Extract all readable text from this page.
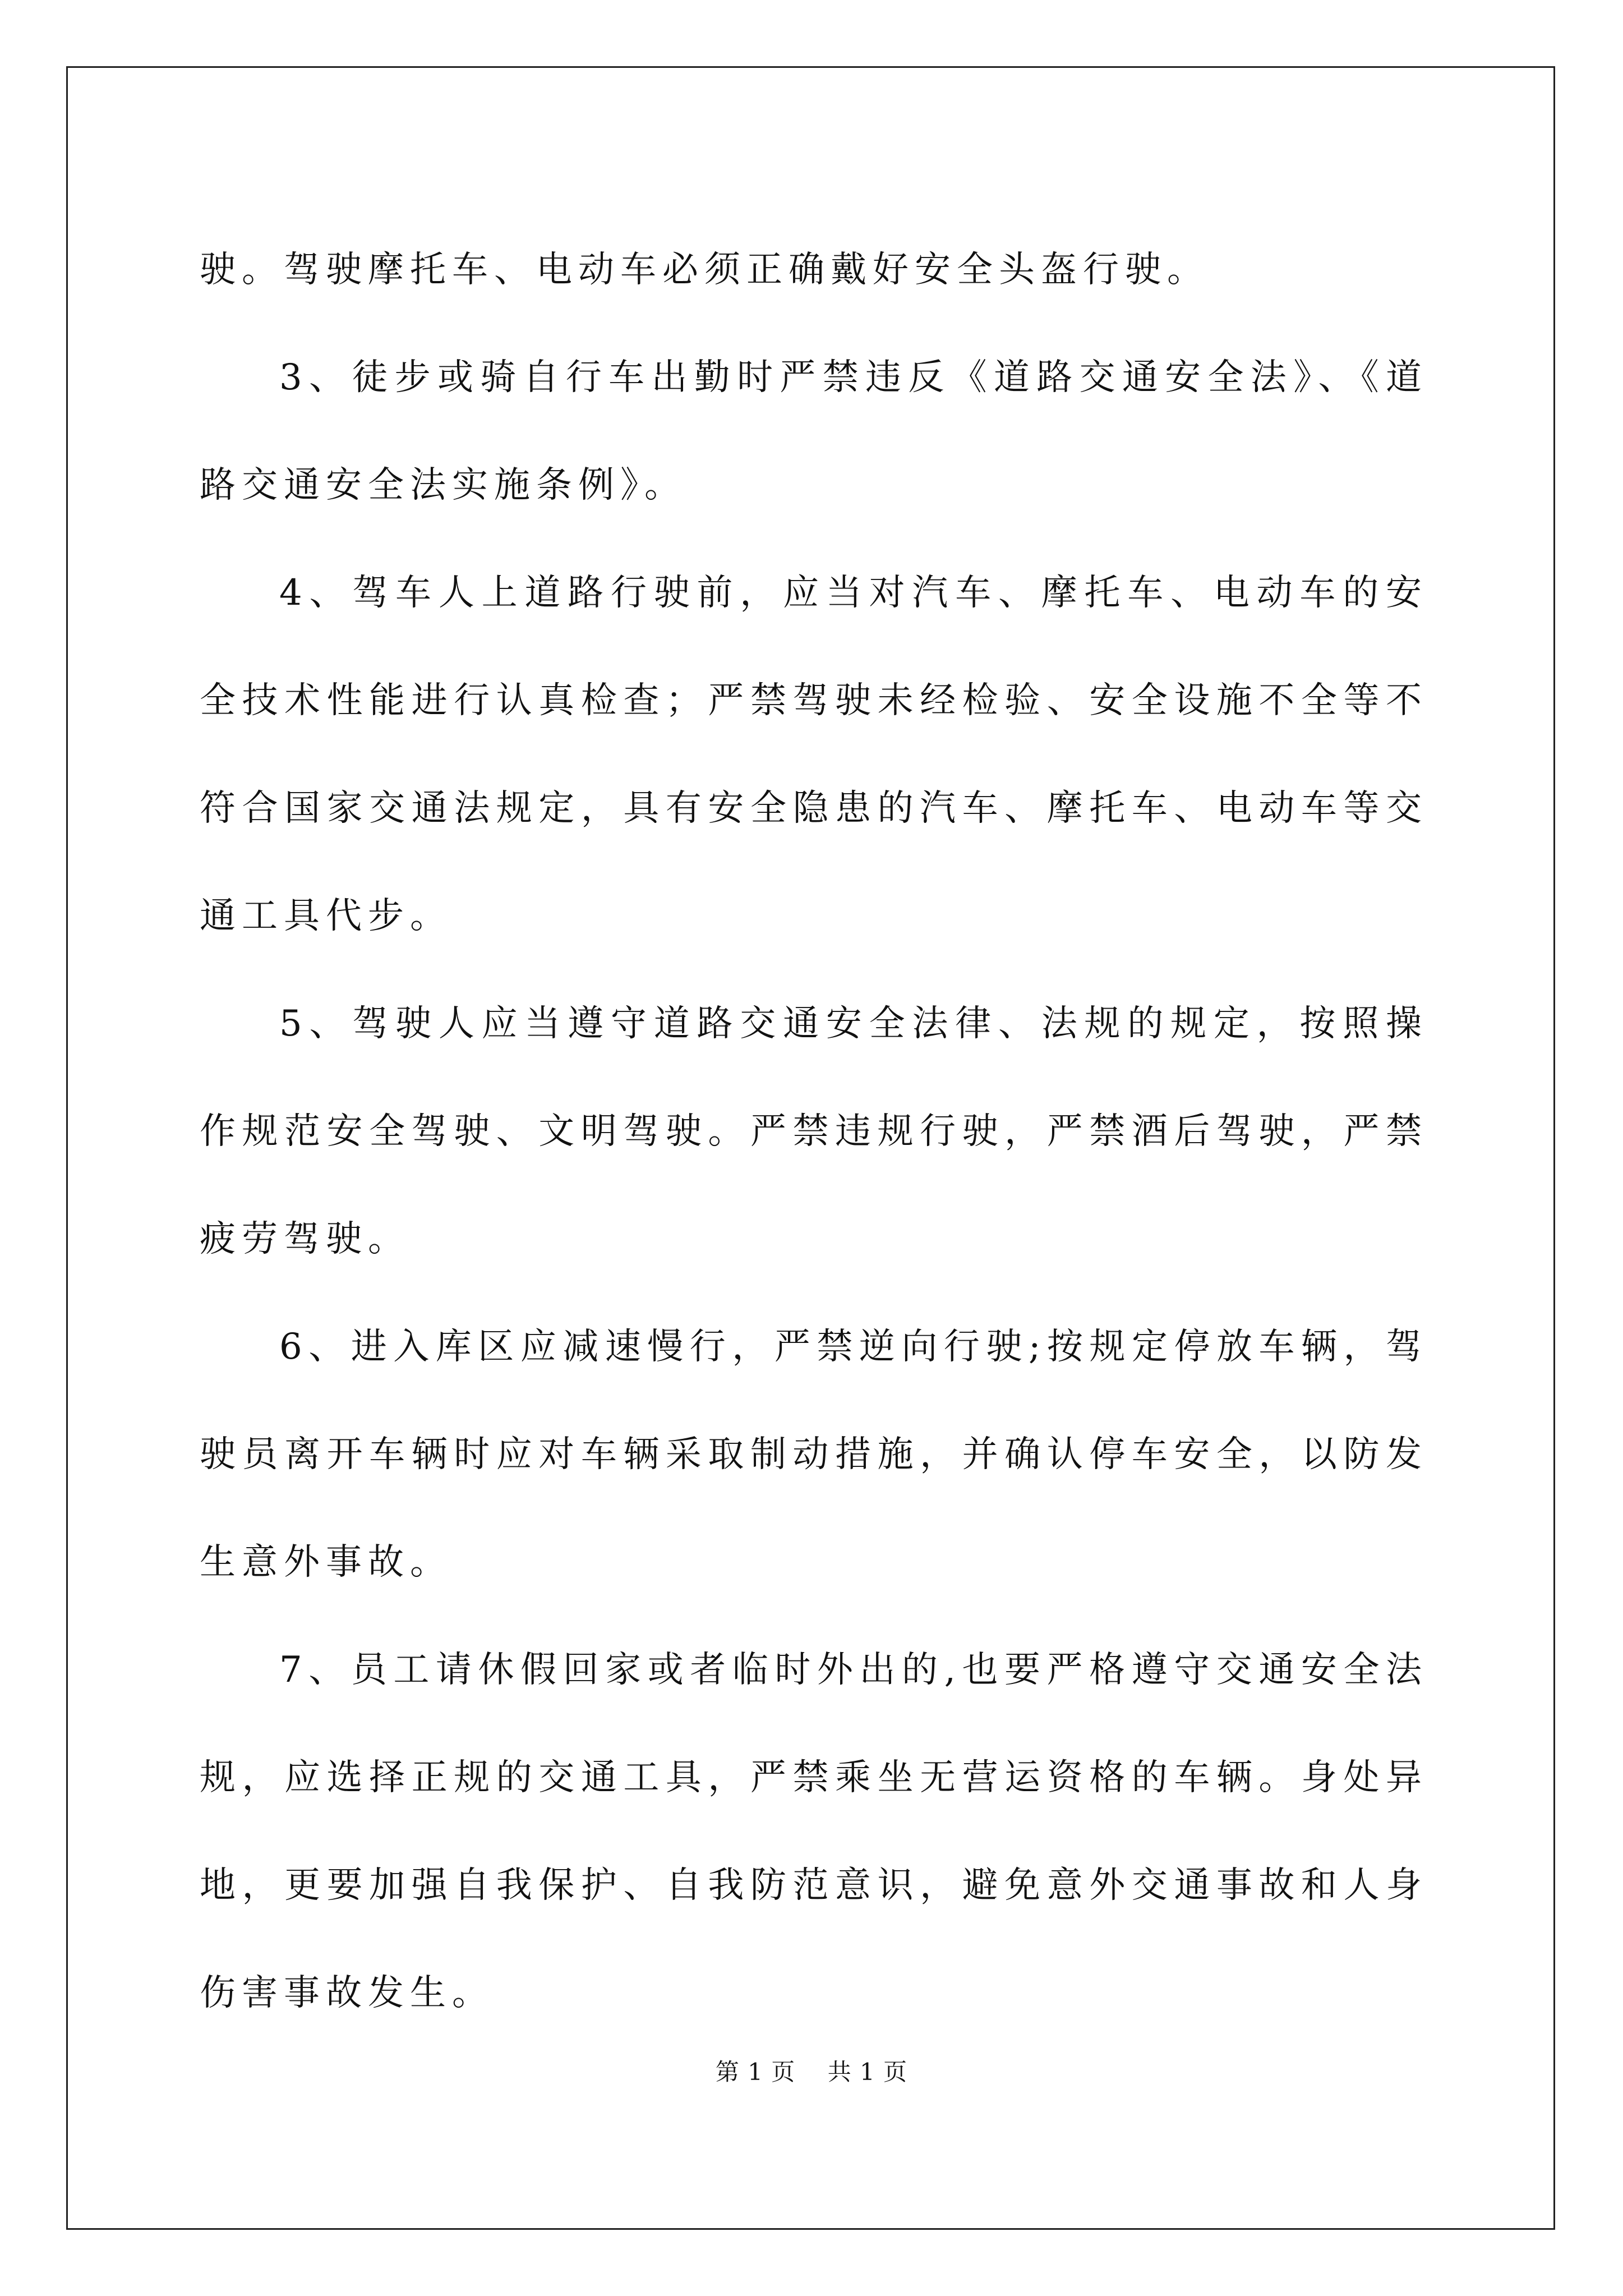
驶。驾驶摩托车、电动车必须正确戴好安全头盔行驶。

3、徒步或骑自行车出勤时严禁违反《道路交通安全法》、《道路交通安全法实施条例》。

4、驾车人上道路行驶前，应当对汽车、摩托车、电动车的安全技术性能进行认真检查；严禁驾驶未经检验、安全设施不全等不符合国家交通法规定，具有安全隐患的汽车、摩托车、电动车等交通工具代步。

5、驾驶人应当遵守道路交通安全法律、法规的规定，按照操作规范安全驾驶、文明驾驶。严禁违规行驶，严禁酒后驾驶，严禁疲劳驾驶。

6、进入库区应减速慢行，严禁逆向行驶;按规定停放车辆，驾驶员离开车辆时应对车辆采取制动措施，并确认停车安全，以防发生意外事故。

7、员工请休假回家或者临时外出的,也要严格遵守交通安全法规，应选择正规的交通工具，严禁乘坐无营运资格的车辆。身处异地，更要加强自我保护、自我防范意识，避免意外交通事故和人身伤害事故发生。

第 1 页 共 1 页
